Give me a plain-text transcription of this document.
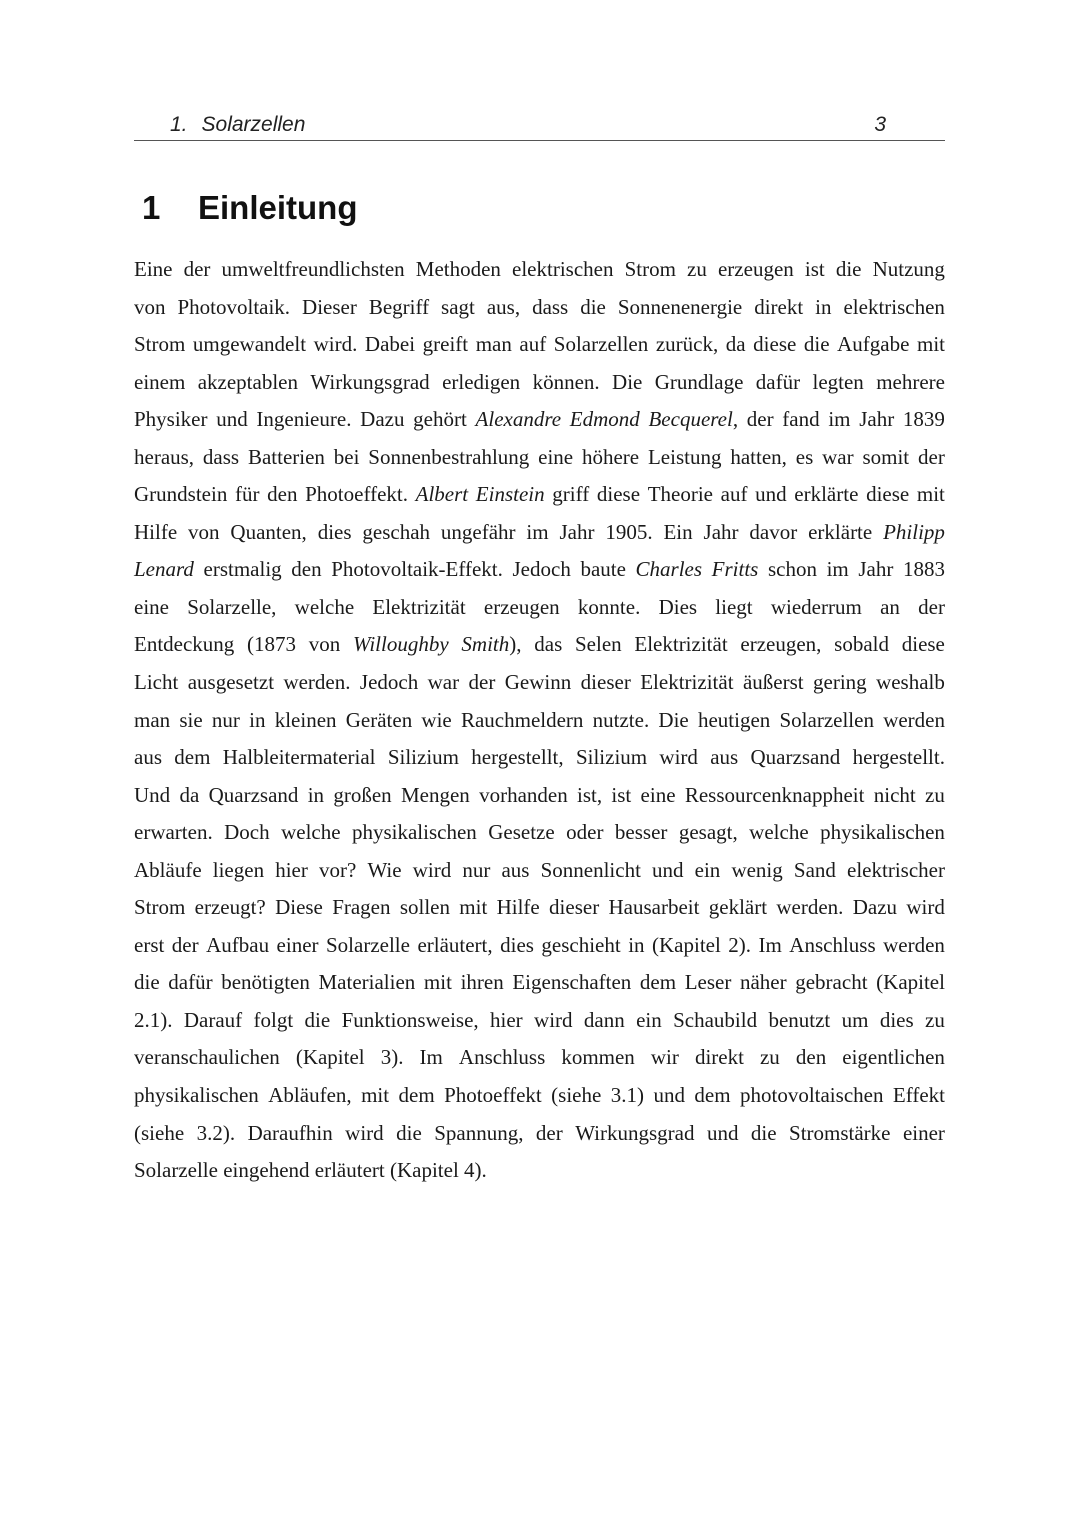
1. Solarzellen	3
1 Einleitung
Eine der umweltfreundlichsten Methoden elektrischen Strom zu erzeugen ist die Nutzung
von Photovoltaik. Dieser Begriff sagt aus, dass die Sonnenenergie direkt in elektrischen
Strom umgewandelt wird. Dabei greift man auf Solarzellen zurück, da diese die Aufgabe mit
einem akzeptablen Wirkungsgrad erledigen können. Die Grundlage dafür legten mehrere
Physiker und Ingenieure. Dazu gehört Alexandre Edmond Becquerel, der fand im Jahr 1839
heraus, dass Batterien bei Sonnenbestrahlung eine höhere Leistung hatten, es war somit der
Grundstein für den Photoeffekt. Albert Einstein griff diese Theorie auf und erklärte diese mit
Hilfe von Quanten, dies geschah ungefähr im Jahr 1905. Ein Jahr davor erklärte Philipp
Lenard erstmalig den Photovoltaik-Effekt. Jedoch baute Charles Fritts schon im Jahr 1883
eine Solarzelle, welche Elektrizität erzeugen konnte. Dies liegt wiederrum an der
Entdeckung (1873 von Willoughby Smith), das Selen Elektrizität erzeugen, sobald diese
Licht ausgesetzt werden. Jedoch war der Gewinn dieser Elektrizität äußerst gering weshalb
man sie nur in kleinen Geräten wie Rauchmeldern nutzte. Die heutigen Solarzellen werden
aus dem Halbleitermaterial Silizium hergestellt, Silizium wird aus Quarzsand hergestellt.
Und da Quarzsand in großen Mengen vorhanden ist, ist eine Ressourcenknappheit nicht zu
erwarten. Doch welche physikalischen Gesetze oder besser gesagt, welche physikalischen
Abläufe liegen hier vor? Wie wird nur aus Sonnenlicht und ein wenig Sand elektrischer
Strom erzeugt? Diese Fragen sollen mit Hilfe dieser Hausarbeit geklärt werden. Dazu wird
erst der Aufbau einer Solarzelle erläutert, dies geschieht in (Kapitel 2). Im Anschluss werden
die dafür benötigten Materialien mit ihren Eigenschaften dem Leser näher gebracht (Kapitel
2.1). Darauf folgt die Funktionsweise, hier wird dann ein Schaubild benutzt um dies zu
veranschaulichen (Kapitel 3). Im Anschluss kommen wir direkt zu den eigentlichen
physikalischen Abläufen, mit dem Photoeffekt (siehe 3.1) und dem photovoltaischen Effekt
(siehe 3.2). Daraufhin wird die Spannung, der Wirkungsgrad und die Stromstärke einer
Solarzelle eingehend erläutert (Kapitel 4).
